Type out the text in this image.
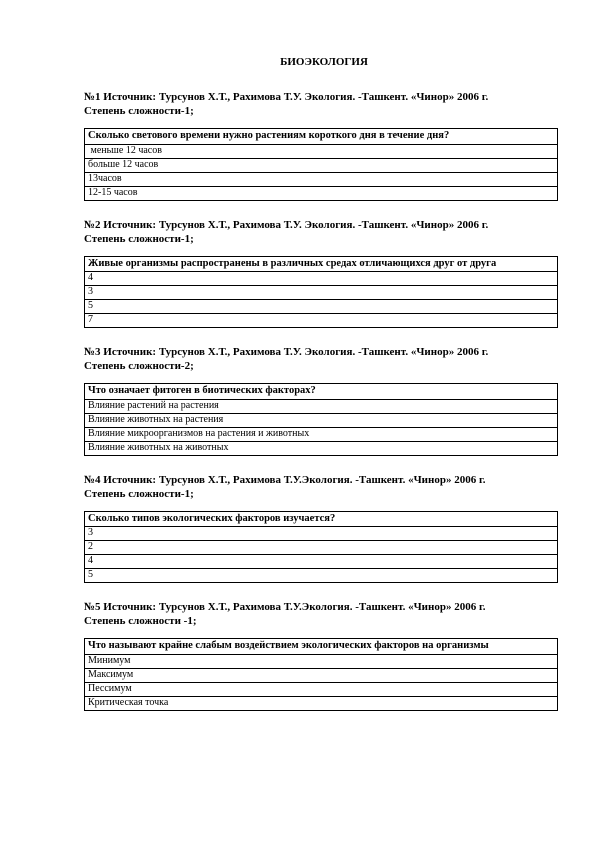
БИОЭКОЛОГИЯ
№1 Источник: Турсунов Х.Т., Рахимова Т.У. Экология. -Ташкент. «Чинор» 2006 г.
Степень сложности-1;
Сколько светового времени нужно растениям короткого дня в течение дня?
меньше 12 часов
больше 12 часов
13часов
12-15 часов
№2 Источник: Турсунов Х.Т., Рахимова Т.У. Экология. -Ташкент. «Чинор» 2006 г.
Степень сложности-1;
Живые организмы распространены в различных средах отличающихся друг от друга
4
3
5
7
№3 Источник: Турсунов Х.Т., Рахимова Т.У. Экология. -Ташкент. «Чинор» 2006 г.
Степень сложности-2;
Что означает фитоген в биотических факторах?
Влияние растений на растения
Влияние животных на растения
Влияние микроорганизмов на растения и животных
Влияние животных на животных
№4 Источник: Турсунов Х.Т., Рахимова Т.У.Экология. -Ташкент. «Чинор» 2006 г.
Степень сложности-1;
Сколько типов экологических факторов изучается?
3
2
4
5
№5 Источник: Турсунов Х.Т., Рахимова Т.У.Экология. -Ташкент. «Чинор» 2006 г.
Степень сложности -1;
Что называют крайне слабым воздействием экологических факторов на организмы
Минимум
Максимум
Пессимум
Критическая точка
